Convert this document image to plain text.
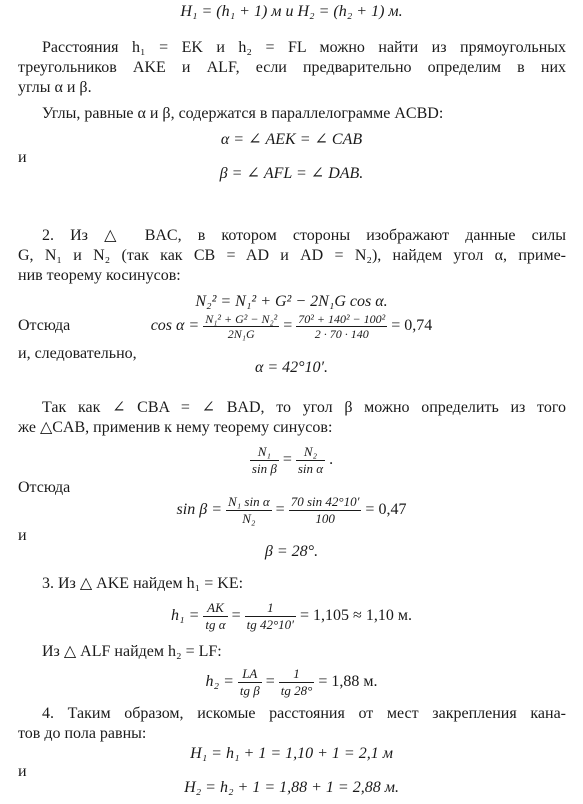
H₁ = (h₁ + 1) м и H₂ = (h₂ + 1) м.
Расстояния h₁ = EK и h₂ = FL можно найти из прямоугольных
треугольников AKE и ALF, если предварительно определим в них
углы α и β.
Углы, равные α и β, содержатся в параллелограмме ACBD:
α = ∠ AEK = ∠ CAB
и
β = ∠ AFL = ∠ DAB.
2. Из △ BAC, в котором стороны изображают данные силы
G, N₁ и N₂ (так как CB = AD и AD = N₂), найдем угол α, приме-
нив теорему косинусов:
N₂² = N₁² + G² − 2N₁G cos α.
Отсюда	$\cos \alpha = \frac{\text{N₁² + G² − N₂²}}{\text{2N₁G}} = \frac{\text{70² + 140² − 100²}}{2 \cdot 70 \cdot 140} = 0,74$
и, следовательно,
α = 42°10′.
Так как ∠ CBA = ∠ BAD, то угол β можно определить из того
же △CAB, применив к нему теорему синусов:
$\frac{\text{N₁}}{\text{sin β}} = \frac{\text{N₂}}{\text{sin α}}$ .
Отсюда
$\sin \beta = \frac{\text{N₁ sin α}}{\text{N₂}} = \frac{70 \sin 42^\circ 10'}{100} = 0,47$
и
β = 28°.
3. Из △ AKE найдем h₁ = KE:
$h_1 = \frac{AK}{\text{tg α}} = \frac{1}{tg 42^\circ 10'} = 1,105 \approx 1,10$ м.
Из △ ALF найдем h₂ = LF:
$h_2 = \frac{LA}{\text{tg β}} = \frac{1}{tg 28^\circ} = 1,88$ м.
4. Таким образом, искомые расстояния от мест закрепления кана-
тов до пола равны:
H₁ = h₁ + 1 = 1,10 + 1 = 2,1 м
и
H₂ = h₂ + 1 = 1,88 + 1 = 2,88 м.
